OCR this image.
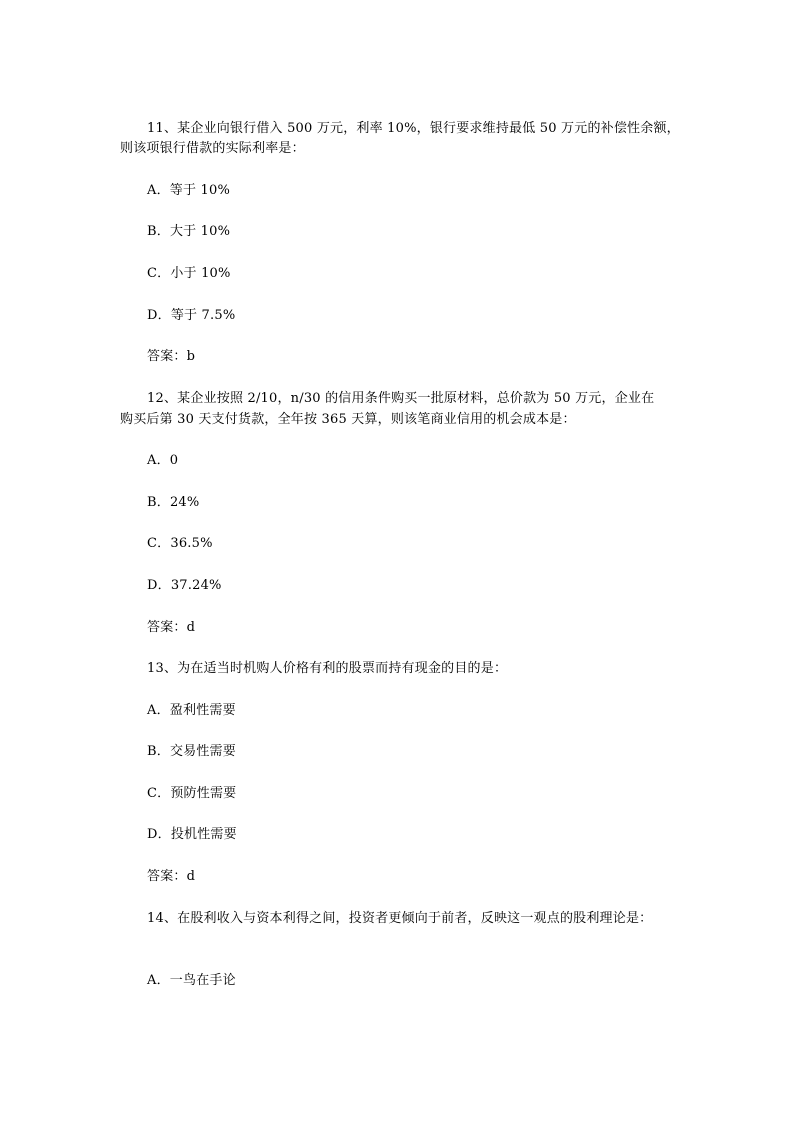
11、某企业向银行借入 500 万元，利率 10%，银行要求维持最低 50 万元的补偿性余额，
则该项银行借款的实际利率是：
A．等于 10%
B．大于 10%
C．小于 10%
D．等于 7.5%
答案：b
12、某企业按照 2/10，n/30 的信用条件购买一批原材料，总价款为 50 万元，企业在
购买后第 30 天支付货款，全年按 365 天算，则该笔商业信用的机会成本是：
A．0
B．24%
C．36.5%
D．37.24%
答案：d
13、为在适当时机购人价格有利的股票而持有现金的目的是：
A．盈利性需要
B．交易性需要
C．预防性需要
D．投机性需要
答案：d
14、在股利收入与资本利得之间，投资者更倾向于前者，反映这一观点的股利理论是：
A．一鸟在手论
